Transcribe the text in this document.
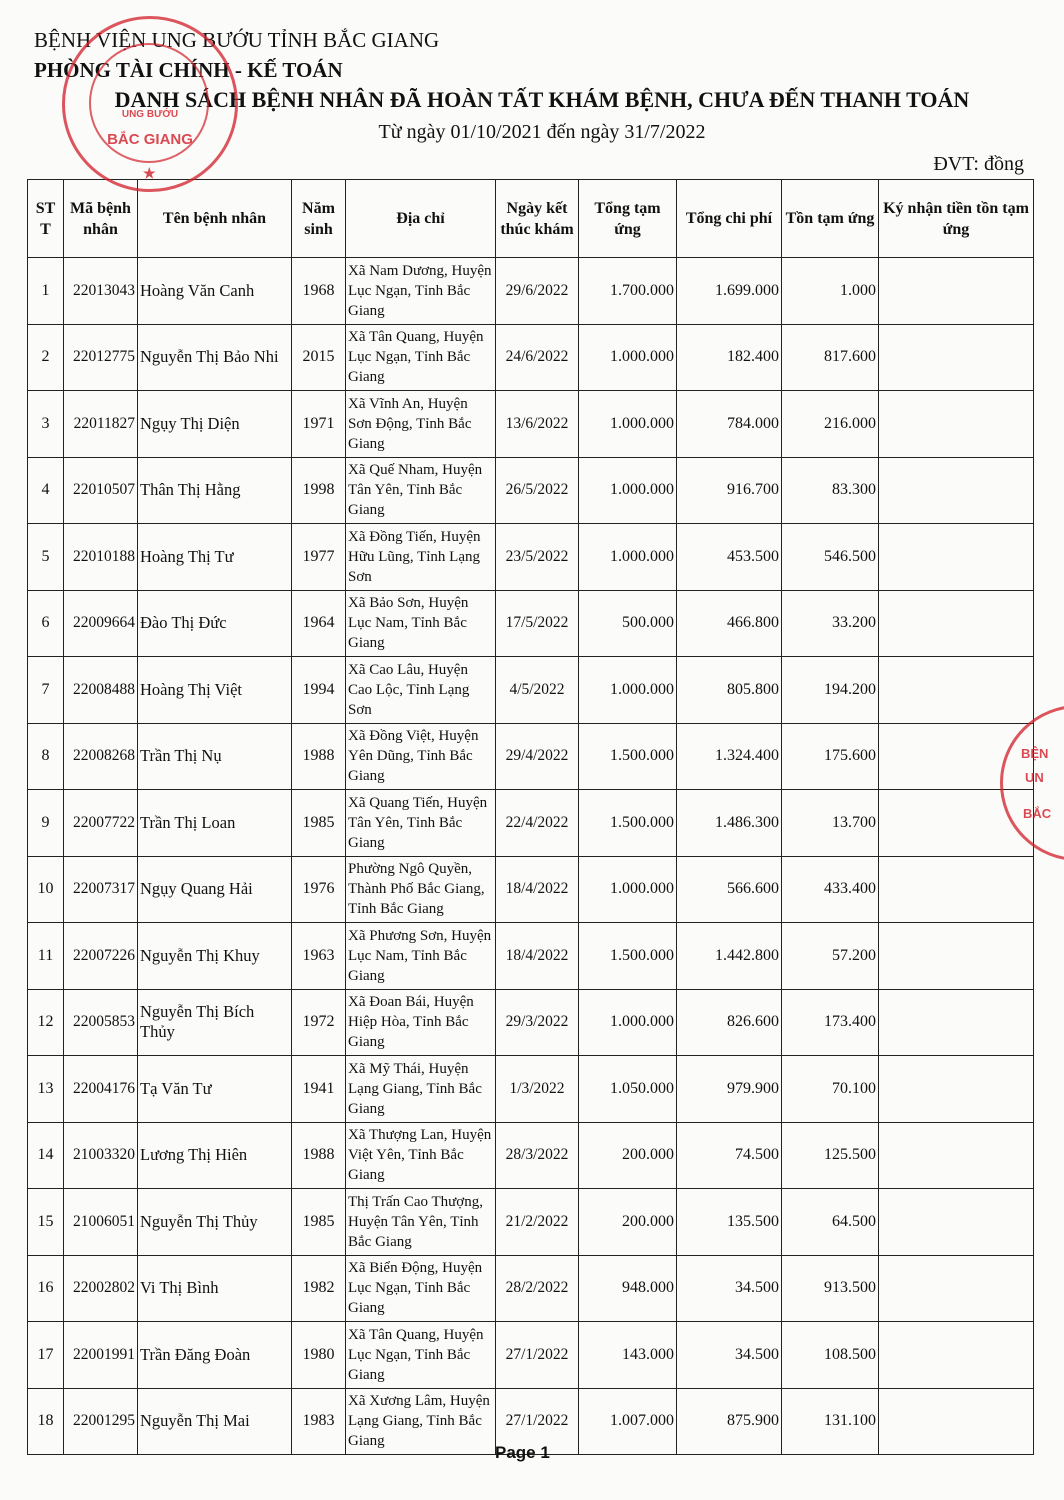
BỆNH VIỆN UNG BƯỚU TỈNH BẮC GIANG
PHÒNG TÀI CHÍNH - KẾ TOÁN
DANH SÁCH BỆNH NHÂN ĐÃ HOÀN TẤT KHÁM BỆNH, CHƯA ĐẾN THANH TOÁN
Từ ngày 01/10/2021 đến ngày 31/7/2022
ĐVT: đồng
ST T	Mã bệnh nhân	Tên bệnh nhân	Năm sinh	Địa chỉ	Ngày kết thúc khám	Tổng tạm ứng	Tổng chi phí	Tồn tạm ứng	Ký nhận tiền tồn tạm ứng
1	22013043	Hoàng Văn Canh	1968	Xã Nam Dương, Huyện Lục Ngạn, Tỉnh Bắc Giang	29/6/2022	1.700.000	1.699.000	1.000	
2	22012775	Nguyễn Thị Bảo Nhi	2015	Xã Tân Quang, Huyện Lục Ngạn, Tỉnh Bắc Giang	24/6/2022	1.000.000	182.400	817.600	
3	22011827	Ngụy Thị Diện	1971	Xã Vĩnh An, Huyện Sơn Động, Tỉnh Bắc Giang	13/6/2022	1.000.000	784.000	216.000	
4	22010507	Thân Thị Hằng	1998	Xã Quế Nham, Huyện Tân Yên, Tỉnh Bắc Giang	26/5/2022	1.000.000	916.700	83.300	
5	22010188	Hoàng Thị Tư	1977	Xã Đồng Tiến, Huyện Hữu Lũng, Tỉnh Lạng Sơn	23/5/2022	1.000.000	453.500	546.500	
6	22009664	Đào Thị Đức	1964	Xã Bảo Sơn, Huyện Lục Nam, Tỉnh Bắc Giang	17/5/2022	500.000	466.800	33.200	
7	22008488	Hoàng Thị Việt	1994	Xã Cao Lâu, Huyện Cao Lộc, Tỉnh Lạng Sơn	4/5/2022	1.000.000	805.800	194.200	
8	22008268	Trần Thị Nụ	1988	Xã Đồng Việt, Huyện Yên Dũng, Tỉnh Bắc Giang	29/4/2022	1.500.000	1.324.400	175.600	
9	22007722	Trần Thị Loan	1985	Xã Quang Tiến, Huyện Tân Yên, Tỉnh Bắc Giang	22/4/2022	1.500.000	1.486.300	13.700	
10	22007317	Ngụy Quang Hải	1976	Phường Ngô Quyền, Thành Phố Bắc Giang, Tỉnh Bắc Giang	18/4/2022	1.000.000	566.600	433.400	
11	22007226	Nguyễn Thị Khuy	1963	Xã Phương Sơn, Huyện Lục Nam, Tỉnh Bắc Giang	18/4/2022	1.500.000	1.442.800	57.200	
12	22005853	Nguyễn Thị Bích Thủy	1972	Xã Đoan Bái, Huyện Hiệp Hòa, Tỉnh Bắc Giang	29/3/2022	1.000.000	826.600	173.400	
13	22004176	Tạ Văn Tư	1941	Xã Mỹ Thái, Huyện Lạng Giang, Tỉnh Bắc Giang	1/3/2022	1.050.000	979.900	70.100	
14	21003320	Lương Thị Hiên	1988	Xã Thượng Lan, Huyện Việt Yên, Tỉnh Bắc Giang	28/3/2022	200.000	74.500	125.500	
15	21006051	Nguyễn Thị Thủy	1985	Thị Trấn Cao Thượng, Huyện Tân Yên, Tỉnh Bắc Giang	21/2/2022	200.000	135.500	64.500	
16	22002802	Vi Thị Bình	1982	Xã Biển Động, Huyện Lục Ngạn, Tỉnh Bắc Giang	28/2/2022	948.000	34.500	913.500	
17	22001991	Trần Đăng Đoàn	1980	Xã Tân Quang, Huyện Lục Ngạn, Tỉnh Bắc Giang	27/1/2022	143.000	34.500	108.500	
18	22001295	Nguyễn Thị Mai	1983	Xã Xương Lâm, Huyện Lạng Giang, Tỉnh Bắc Giang	27/1/2022	1.007.000	875.900	131.100	
UNG BƯỚU
BẮC GIANG
★
BỆN
UN
BẮC
Page 1
